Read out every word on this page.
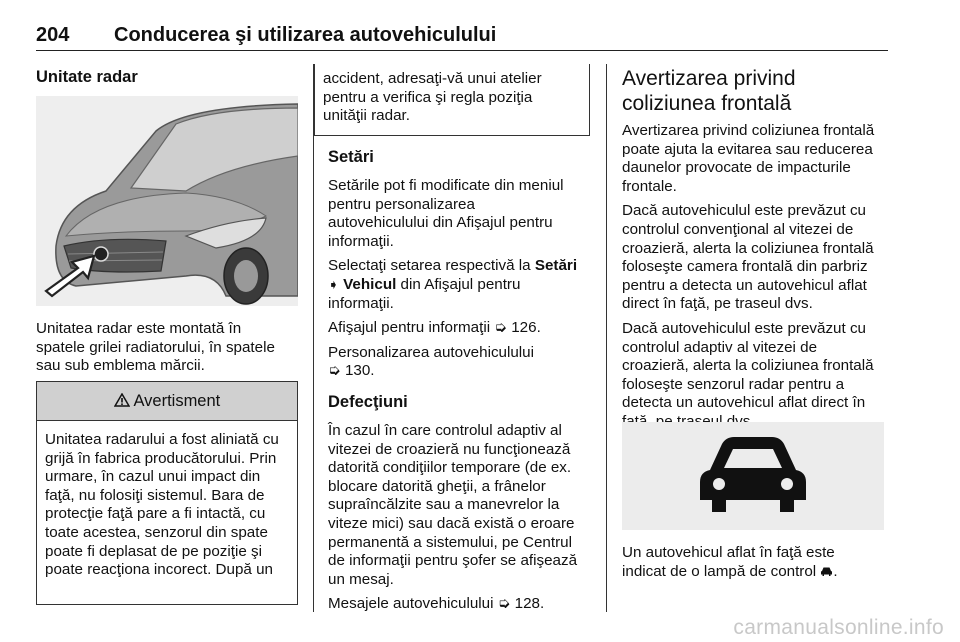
204 Conducerea şi utilizarea autovehiculului
Unitate radar

Unitatea radar este montată în

spatele grilei radiatorului, în spatele

sau sub emblema mărcii.

Avertisment

Unitatea radarului a fost aliniată cu

grijă în fabrica producătorului. Prin

urmare, în cazul unui impact din

faţă, nu folosiţi sistemul. Bara de

protecţie faţă pare a fi intactă, cu

toate acestea, senzorul din spate

poate fi deplasat de pe poziţie şi

poate reacţiona incorect. După un

accident, adresaţi-vă unui atelier

pentru a verifica şi regla poziţia

unităţii radar.

Setări

Setările pot fi modificate din meniul

pentru personalizarea

autovehiculului din Afişajul pentru

informaţii.

Selectaţi setarea respectivă la Setări

➧ Vehicul din Afişajul pentru

informaţii.

Afişajul pentru informaţii ➭ 126.

Personalizarea autovehiculului

➭ 130.

Defecţiuni

În cazul în care controlul adaptiv al

vitezei de croazieră nu funcţionează

datorită condiţiilor temporare (de ex.

blocare datorită gheţii, a frânelor

supraîncălzite sau a manevrelor la

viteze mici) sau dacă există o eroare

permanentă a sistemului, pe Centrul

de informaţii pentru şofer se afişează

un mesaj.

Mesajele autovehiculului ➭ 128.

Avertizarea privind
coliziunea frontală

Avertizarea privind coliziunea frontală

poate ajuta la evitarea sau reducerea

daunelor provocate de impacturile

frontale.

Dacă autovehiculul este prevăzut cu

controlul convenţional al vitezei de

croazieră, alerta la coliziunea frontală

foloseşte camera frontală din parbriz

pentru a detecta un autovehicul aflat

direct în faţă, pe traseul dvs.

Dacă autovehiculul este prevăzut cu

controlul adaptiv al vitezei de

croazieră, alerta la coliziunea frontală

foloseşte senzorul radar pentru a

detecta un autovehicul aflat direct în

Un autovehicul aflat în faţă este

indicat de o lampă de control .

carmanualsonline.info
